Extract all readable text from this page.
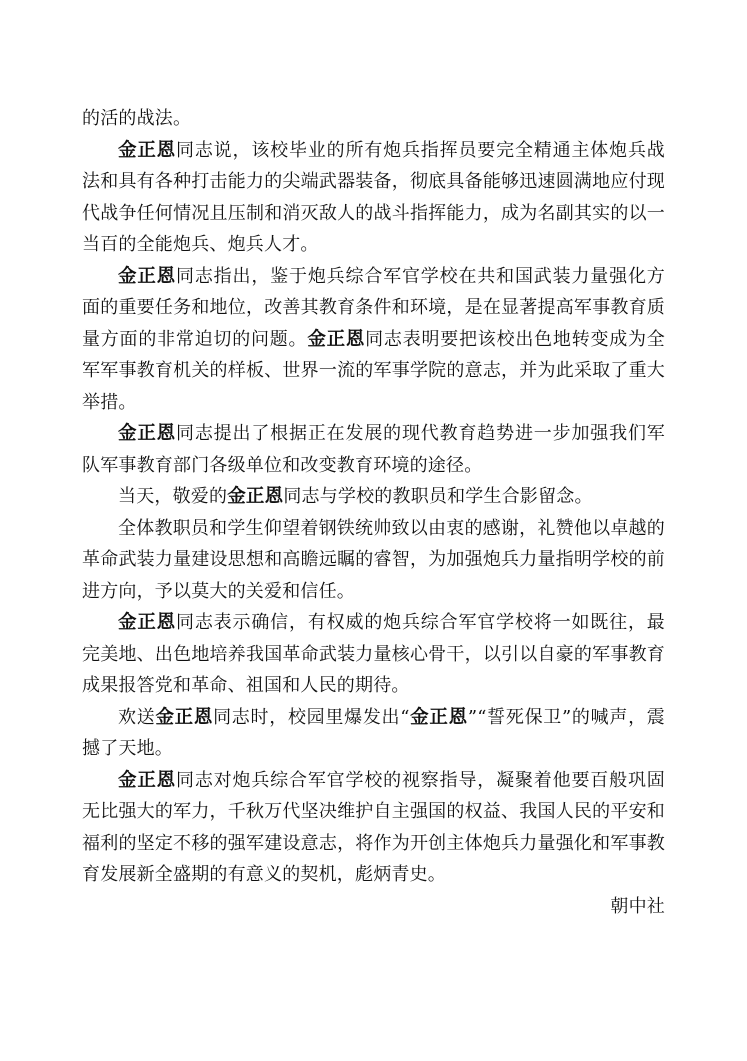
的活的战法。

金正恩同志说，该校毕业的所有炮兵指挥员要完全精通主体炮兵战法和具有各种打击能力的尖端武器装备，彻底具备能够迅速圆满地应付现代战争任何情况且压制和消灭敌人的战斗指挥能力，成为名副其实的以一当百的全能炮兵、炮兵人才。

金正恩同志指出，鉴于炮兵综合军官学校在共和国武装力量强化方面的重要任务和地位，改善其教育条件和环境，是在显著提高军事教育质量方面的非常迫切的问题。金正恩同志表明要把该校出色地转变成为全军军事教育机关的样板、世界一流的军事学院的意志，并为此采取了重大举措。

金正恩同志提出了根据正在发展的现代教育趋势进一步加强我们军队军事教育部门各级单位和改变教育环境的途径。

当天，敬爱的金正恩同志与学校的教职员和学生合影留念。

全体教职员和学生仰望着钢铁统帅致以由衷的感谢，礼赞他以卓越的革命武装力量建设思想和高瞻远瞩的睿智，为加强炮兵力量指明学校的前进方向，予以莫大的关爱和信任。

金正恩同志表示确信，有权威的炮兵综合军官学校将一如既往，最完美地、出色地培养我国革命武装力量核心骨干，以引以自豪的军事教育成果报答党和革命、祖国和人民的期待。

欢送金正恩同志时，校园里爆发出“金正恩”“誓死保卫”的喊声，震撼了天地。

金正恩同志对炮兵综合军官学校的视察指导，凝聚着他要百般巩固无比强大的军力，千秋万代坚决维护自主强国的权益、我国人民的平安和福利的坚定不移的强军建设意志，将作为开创主体炮兵力量强化和军事教育发展新全盛期的有意义的契机，彪炳青史。

朝中社
